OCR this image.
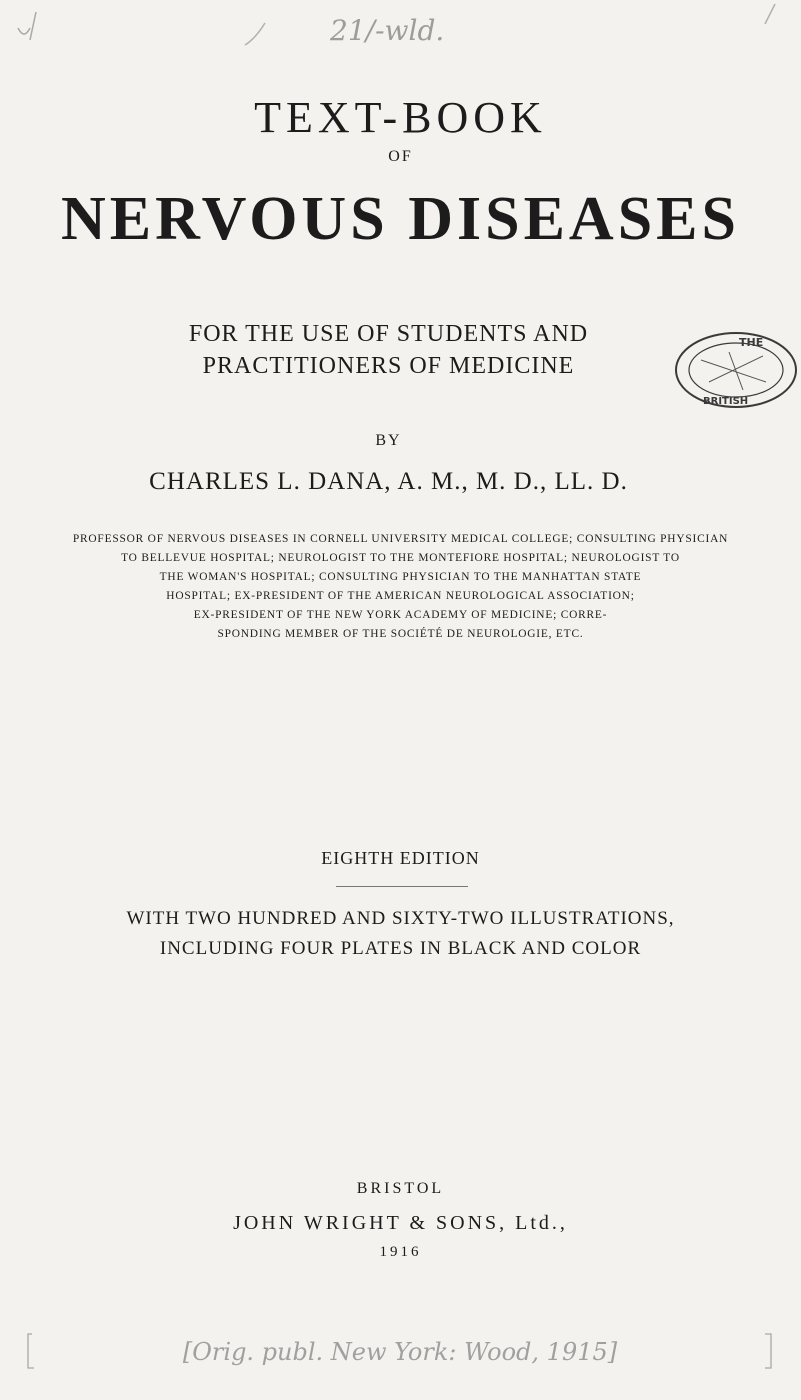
21/-wld.
TEXT-BOOK
OF
NERVOUS DISEASES
FOR THE USE OF STUDENTS AND
PRACTITIONERS OF MEDICINE
THE
BRITISH
BY
CHARLES L. DANA, A. M., M. D., LL. D.
PROFESSOR OF NERVOUS DISEASES IN CORNELL UNIVERSITY MEDICAL COLLEGE; CONSULTING PHYSICIAN
TO BELLEVUE HOSPITAL; NEUROLOGIST TO THE MONTEFIORE HOSPITAL; NEUROLOGIST TO
THE WOMAN'S HOSPITAL; CONSULTING PHYSICIAN TO THE MANHATTAN STATE
HOSPITAL; EX-PRESIDENT OF THE AMERICAN NEUROLOGICAL ASSOCIATION;
EX-PRESIDENT OF THE NEW YORK ACADEMY OF MEDICINE; CORRE-
SPONDING MEMBER OF THE SOCIÉTÉ DE NEUROLOGIE, ETC.
EIGHTH EDITION
WITH TWO HUNDRED AND SIXTY-TWO ILLUSTRATIONS,
INCLUDING FOUR PLATES IN BLACK AND COLOR
BRISTOL
JOHN WRIGHT & SONS, Ltd.,
1916
[Orig. publ. New York: Wood, 1915]
